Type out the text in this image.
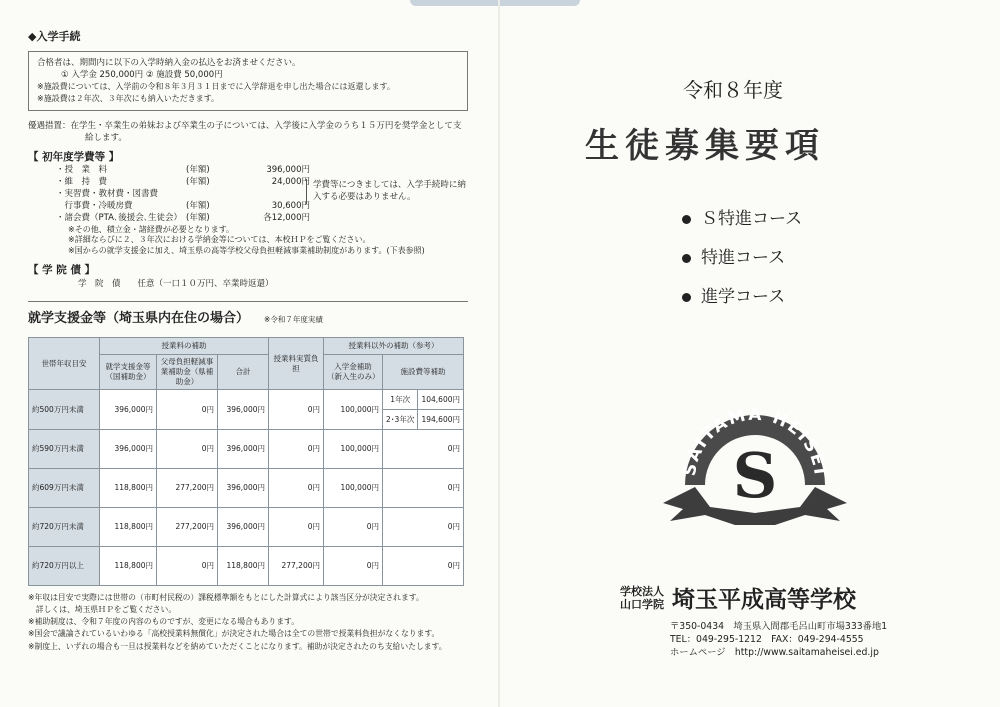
◆入学手続
合格者は、期間内に以下の入学時納入金の払込をお済ませください。
① 入学金 250,000円 ② 施設費 50,000円
※施設費については、入学前の令和８年３月３１日までに入学辞退を申し出た場合には返還します。
※施設費は２年次、３年次にも納入いただきます。
優遇措置：在学生・卒業生の弟妹および卒業生の子については、入学後に入学金のうち１５万円を奨学金として支
給します。
【 初年度学費等 】
・授　業　料	(年額)	396,000円
・維　持　費	(年額)	24,000円
・実習費・教材費・図書費
　行事費・冷暖房費	(年額)	30,600円
・諸会費（PTA､後援会､生徒会） (年額)	各12,000円
学費等につきましては、入学手続時に納入する必要はありません。
※その他、積立金・諸経費が必要となります。
※詳細ならびに２、３年次における学納金等については、本校ＨＰをご覧ください。
※国からの就学支援金に加え、埼玉県の高等学校父母負担軽減事業補助制度があります。(下表参照)
【 学 院 債 】
学　院　債　　任意（一口１０万円、卒業時返還）
就学支援金等（埼玉県内在住の場合） ※令和７年度実績
世帯年収目安	授業料の補助			授業料実質負担	授業料以外の補助（参考）		
	就学支援金等（国補助金）	父母負担軽減事業補助金（県補助金）	合計		入学金補助（新入生のみ）	施設費等補助	
約500万円未満	396,000円	0円	396,000円	0円	100,000円	1年次	104,600円
						2･3年次	194,600円
約590万円未満	396,000円	0円	396,000円	0円	100,000円	0円	
約609万円未満	118,800円	277,200円	396,000円	0円	100,000円	0円	
約720万円未満	118,800円	277,200円	396,000円	0円	0円	0円	
約720万円以上	118,800円	0円	118,800円	277,200円	0円	0円	
※年収は目安で実際には世帯の（市町村民税の）課税標準額をもとにした計算式により該当区分が決定されます。
　詳しくは、埼玉県ＨＰをご覧ください。
※補助制度は、令和７年度の内容のものですが、変更になる場合もあります。
※国会で議論されているいわゆる「高校授業料無償化」が決定された場合は全ての世帯で授業料負担がなくなります。
※制度上、いずれの場合も一旦は授業料などを納めていただくことになります。補助が決定されたのち支給いたします。
令和８年度
生徒募集要項
Ｓ特進コース
特進コース
進学コース
SAITAMA HEISEI
S
学校法人
山口学院 埼玉平成高等学校
〒350-0434　埼玉県入間郡毛呂山町市場333番地1
TEL：049-295-1212　FAX：049-294-4555
ホームページ　http://www.saitamaheisei.ed.jp
